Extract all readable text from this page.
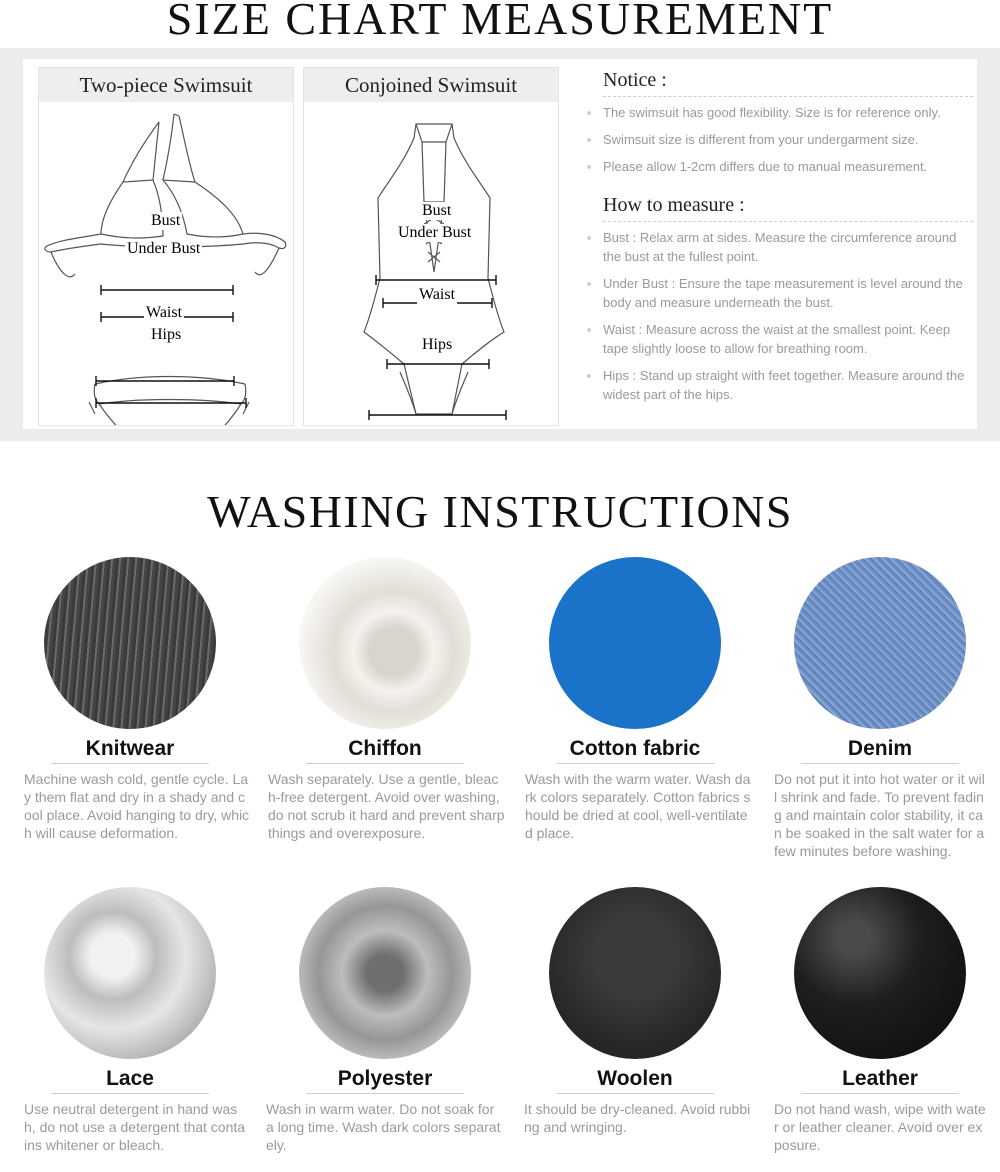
SIZE CHART MEASUREMENT
Two-piece Swimsuit
Bust
Under Bust
Waist
Hips
Conjoined Swimsuit
Bust
Under Bust
Waist
Hips
Notice :
The swimsuit has good flexibility. Size is for reference only.
Swimsuit size is different from your undergarment size.
Please allow 1-2cm differs due to manual measurement.
How to measure :
Bust : Relax arm at sides. Measure the circumference around the bust at the fullest point.
Under Bust : Ensure the tape measurement is level around the body and measure underneath the bust.
Waist : Measure across the waist at the smallest point. Keep tape slightly loose to allow for breathing room.
Hips : Stand up straight with feet together. Measure around the widest part of the hips.
WASHING INSTRUCTIONS
Knitwear
Machine wash cold, gentle cycle. Lay them flat and dry in a shady and cool place. Avoid hanging to dry, which will cause deformation.
Chiffon
Wash separately. Use a gentle, bleach-free detergent. Avoid over washing, do not scrub it hard and prevent sharp things and overexposure.
Cotton fabric
Wash with the warm water. Wash dark colors separately. Cotton fabrics should be dried at cool, well-ventilated place.
Denim
Do not put it into hot water or it will shrink and fade. To prevent fading and maintain color stability, it can be soaked in the salt water for a few minutes before washing.
Lace
Use neutral detergent in hand wash, do not use a detergent that contains whitener or bleach.
Polyester
Wash in warm water. Do not soak for a long time. Wash dark colors separately.
Woolen
It should be dry-cleaned. Avoid rubbing and wringing.
Leather
Do not hand wash, wipe with water or leather cleaner. Avoid over exposure.
